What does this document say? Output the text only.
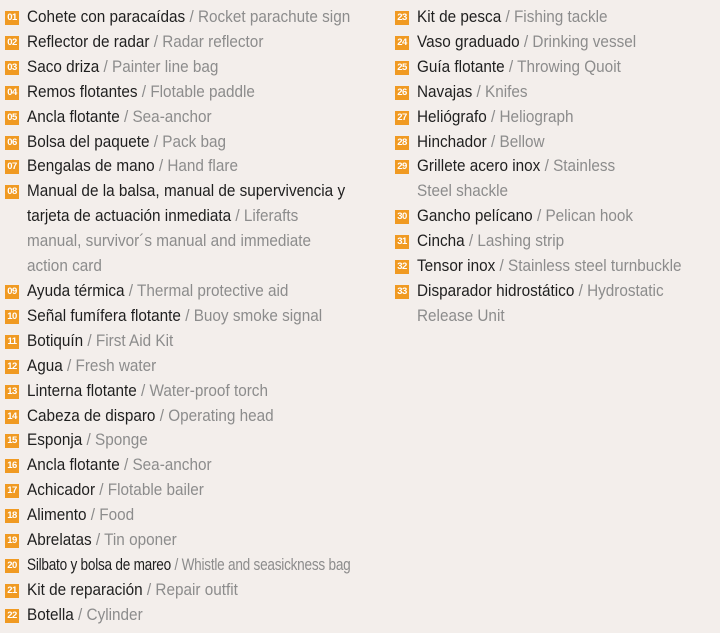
01 Cohete con paracaídas / Rocket parachute sign
02 Reflector de radar / Radar reflector
03 Saco driza / Painter line bag
04 Remos flotantes / Flotable paddle
05 Ancla flotante / Sea-anchor
06 Bolsa del paquete / Pack bag
07 Bengalas de mano / Hand flare
08 Manual de la balsa, manual de supervivencia y tarjeta de actuación inmediata / Liferafts manual, survivor´s manual and immediate action card
09 Ayuda térmica / Thermal protective aid
10 Señal fumífera flotante / Buoy smoke signal
11 Botiquín / First Aid Kit
12 Agua / Fresh water
13 Linterna flotante / Water-proof torch
14 Cabeza de disparo / Operating head
15 Esponja / Sponge
16 Ancla flotante / Sea-anchor
17 Achicador / Flotable bailer
18 Alimento / Food
19 Abrelatas / Tin oponer
20 Silbato y bolsa de mareo / Whistle and seasickness bag
21 Kit de reparación / Repair outfit
22 Botella / Cylinder
23 Kit de pesca / Fishing tackle
24 Vaso graduado / Drinking vessel
25 Guía flotante / Throwing Quoit
26 Navajas / Knifes
27 Heliógrafo / Heliograph
28 Hinchador / Bellow
29 Grillete acero inox / Stainless Steel shackle
30 Gancho pelícano / Pelican hook
31 Cincha / Lashing strip
32 Tensor inox / Stainless steel turnbuckle
33 Disparador hidrostático / Hydrostatic Release Unit
